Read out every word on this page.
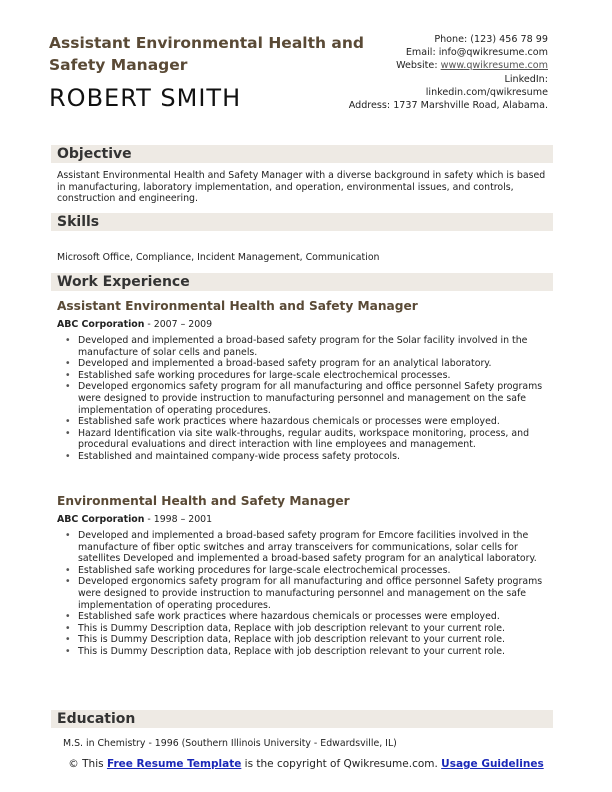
Assistant Environmental Health and Safety Manager
ROBERT SMITH
Phone: (123) 456 78 99
Email: info@qwikresume.com
Website: www.qwikresume.com
LinkedIn:
linkedin.com/qwikresume
Address: 1737 Marshville Road, Alabama.
Objective
Assistant Environmental Health and Safety Manager with a diverse background in safety which is based in manufacturing, laboratory implementation, and operation, environmental issues, and controls, construction and engineering.
Skills
Microsoft Office, Compliance, Incident Management, Communication
Work Experience
Assistant Environmental Health and Safety Manager
ABC Corporation - 2007 – 2009
• Developed and implemented a broad-based safety program for the Solar facility involved in the manufacture of solar cells and panels.
• Developed and implemented a broad-based safety program for an analytical laboratory.
• Established safe working procedures for large-scale electrochemical processes.
• Developed ergonomics safety program for all manufacturing and office personnel Safety programs were designed to provide instruction to manufacturing personnel and management on the safe implementation of operating procedures.
• Established safe work practices where hazardous chemicals or processes were employed.
• Hazard Identification via site walk-throughs, regular audits, workspace monitoring, process, and procedural evaluations and direct interaction with line employees and management.
• Established and maintained company-wide process safety protocols.
Environmental Health and Safety Manager
ABC Corporation - 1998 – 2001
• Developed and implemented a broad-based safety program for Emcore facilities involved in the manufacture of fiber optic switches and array transceivers for communications, solar cells for satellites Developed and implemented a broad-based safety program for an analytical laboratory.
• Established safe working procedures for large-scale electrochemical processes.
• Developed ergonomics safety program for all manufacturing and office personnel Safety programs were designed to provide instruction to manufacturing personnel and management on the safe implementation of operating procedures.
• Established safe work practices where hazardous chemicals or processes were employed.
• This is Dummy Description data, Replace with job description relevant to your current role.
• This is Dummy Description data, Replace with job description relevant to your current role.
• This is Dummy Description data, Replace with job description relevant to your current role.
Education
M.S. in Chemistry - 1996 (Southern Illinois University - Edwardsville, IL)
© This Free Resume Template is the copyright of Qwikresume.com. Usage Guidelines
